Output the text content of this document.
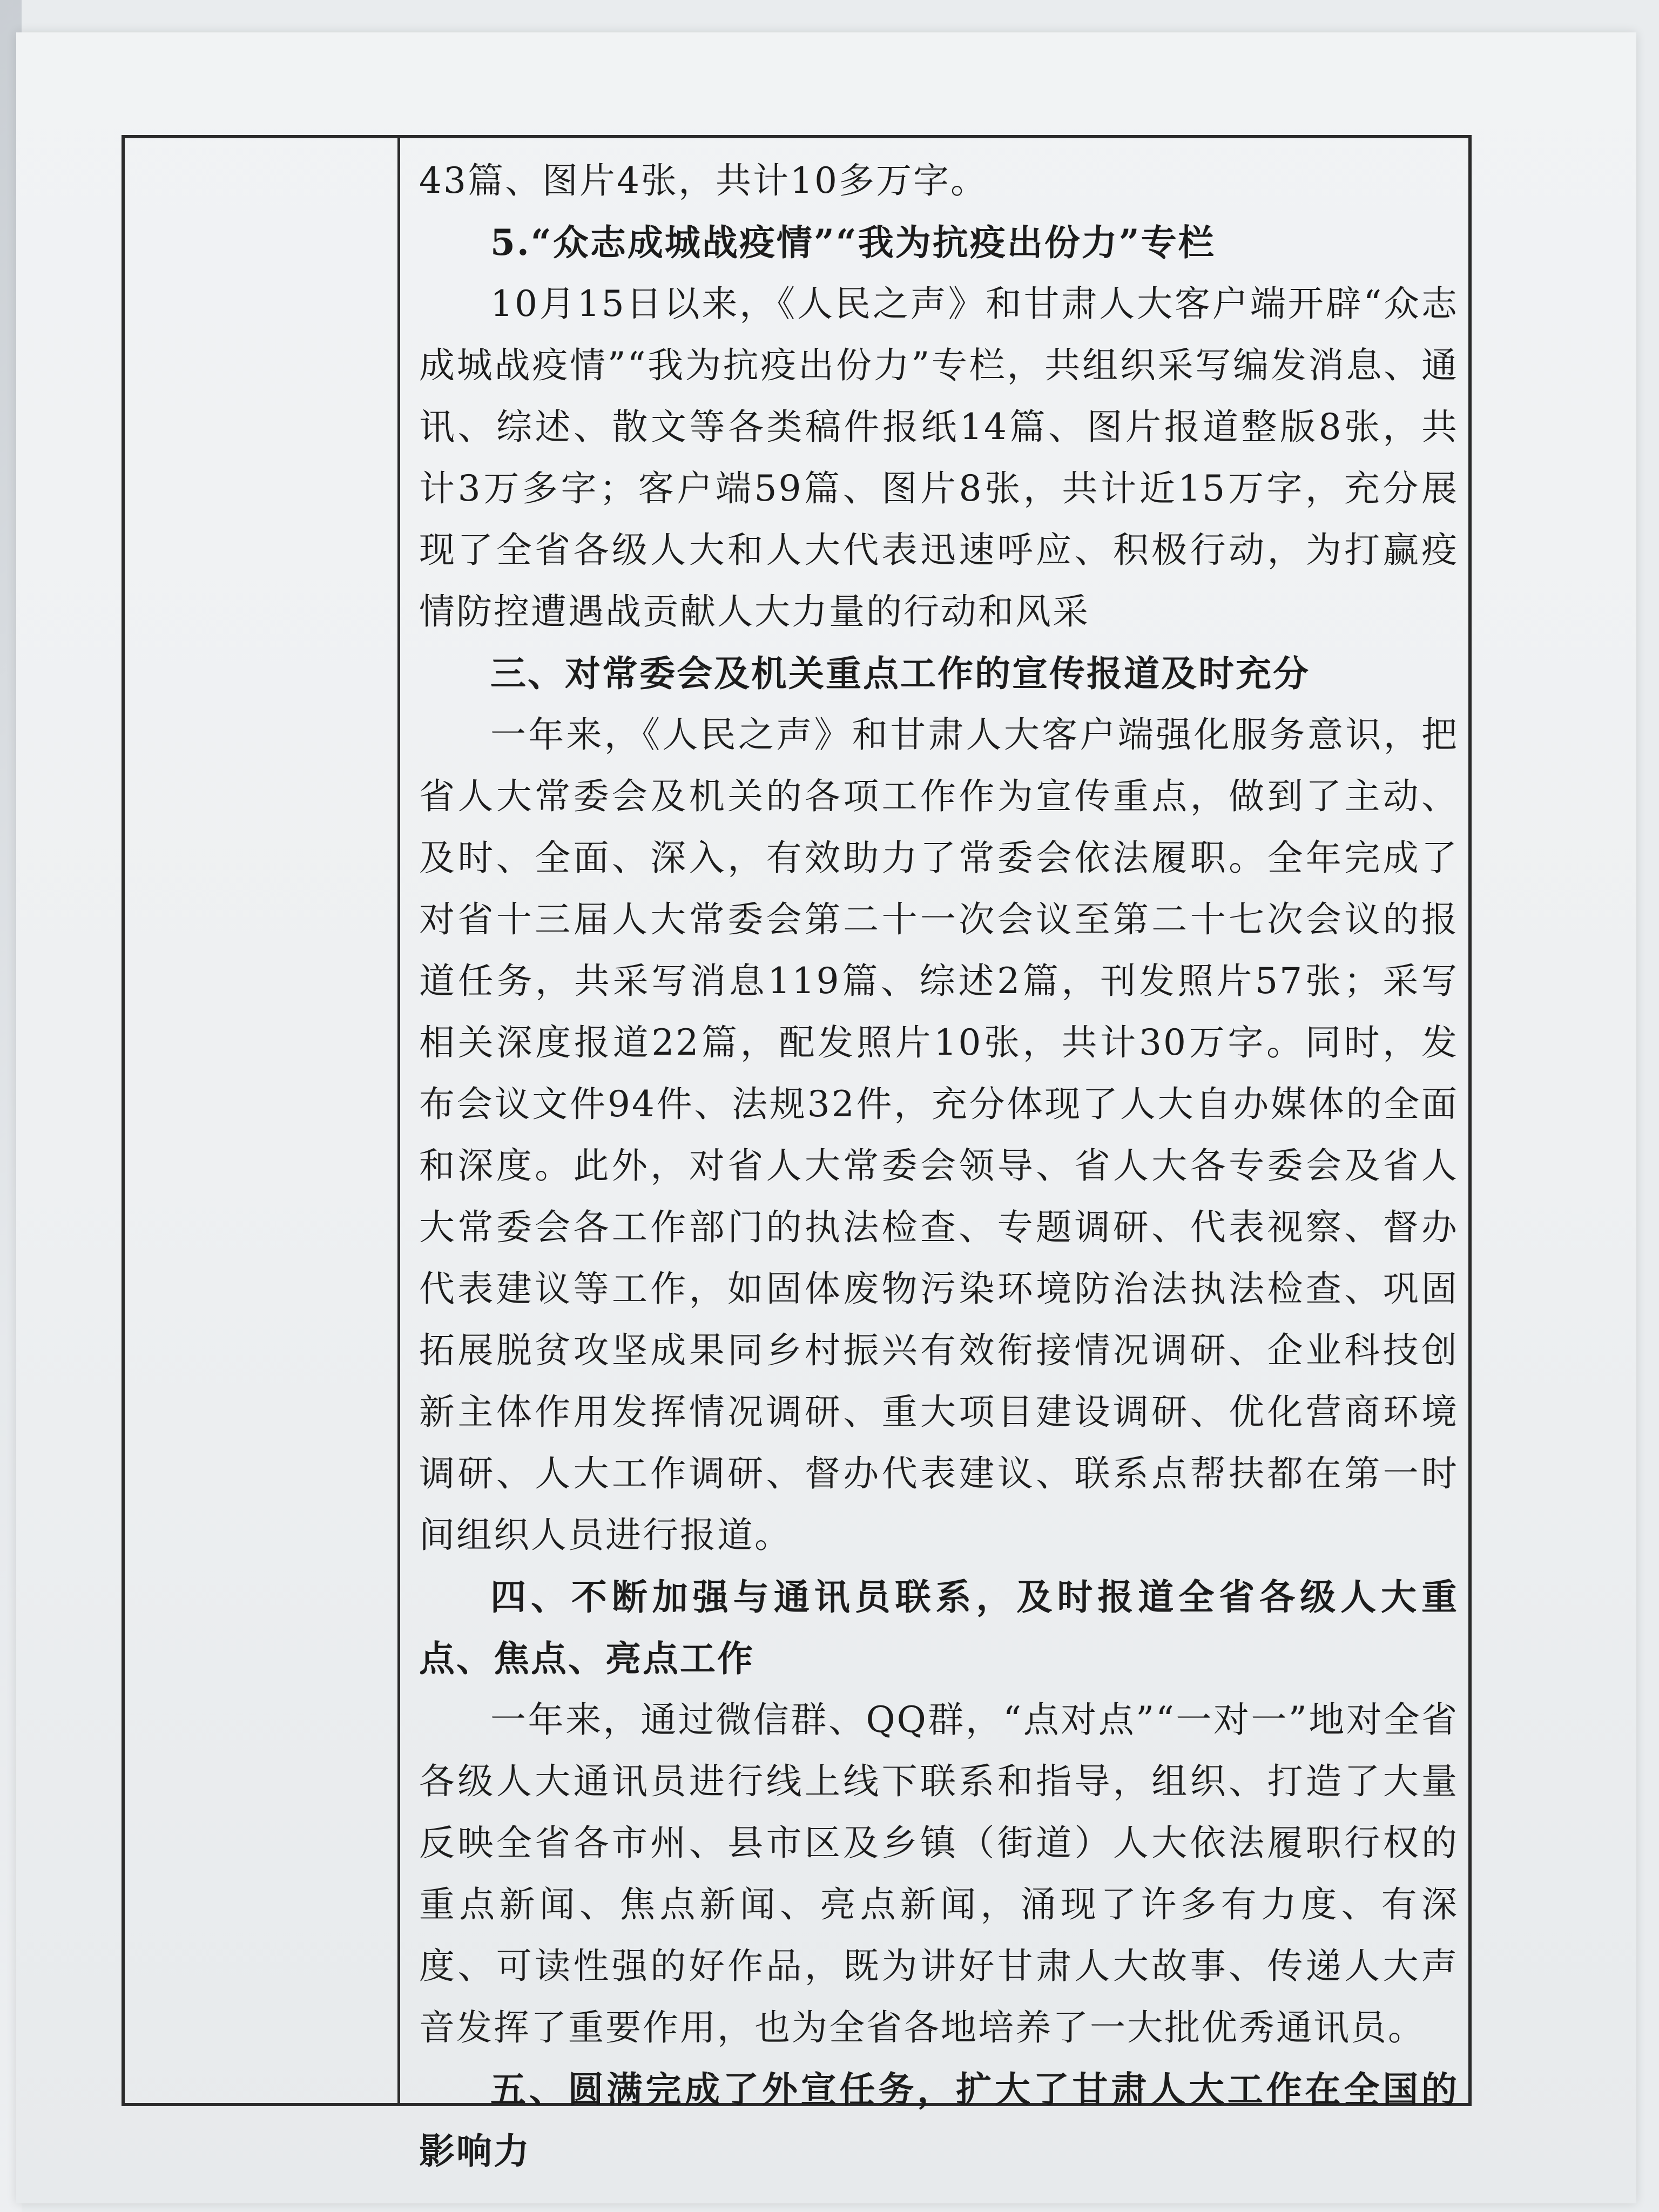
43篇、图片4张，共计10多万字。

5.“众志成城战疫情”“我为抗疫出份力”专栏

10月15日以来，《人民之声》和甘肃人大客户端开辟“众志成城战疫情”“我为抗疫出份力”专栏，共组织采写编发消息、通讯、综述、散文等各类稿件报纸14篇、图片报道整版8张，共计3万多字；客户端59篇、图片8张，共计近15万字，充分展现了全省各级人大和人大代表迅速呼应、积极行动，为打赢疫情防控遭遇战贡献人大力量的行动和风采

三、对常委会及机关重点工作的宣传报道及时充分

一年来，《人民之声》和甘肃人大客户端强化服务意识，把省人大常委会及机关的各项工作作为宣传重点，做到了主动、及时、全面、深入，有效助力了常委会依法履职。全年完成了对省十三届人大常委会第二十一次会议至第二十七次会议的报道任务，共采写消息119篇、综述2篇，刊发照片57张；采写相关深度报道22篇，配发照片10张，共计30万字。同时，发布会议文件94件、法规32件，充分体现了人大自办媒体的全面和深度。此外，对省人大常委会领导、省人大各专委会及省人大常委会各工作部门的执法检查、专题调研、代表视察、督办代表建议等工作，如固体废物污染环境防治法执法检查、巩固拓展脱贫攻坚成果同乡村振兴有效衔接情况调研、企业科技创新主体作用发挥情况调研、重大项目建设调研、优化营商环境调研、人大工作调研、督办代表建议、联系点帮扶都在第一时间组织人员进行报道。

四、不断加强与通讯员联系，及时报道全省各级人大重点、焦点、亮点工作

一年来，通过微信群、QQ群，“点对点”“一对一”地对全省各级人大通讯员进行线上线下联系和指导，组织、打造了大量反映全省各市州、县市区及乡镇（街道）人大依法履职行权的重点新闻、焦点新闻、亮点新闻，涌现了许多有力度、有深度、可读性强的好作品，既为讲好甘肃人大故事、传递人大声音发挥了重要作用，也为全省各地培养了一大批优秀通讯员。

五、圆满完成了外宣任务，扩大了甘肃人大工作在全国的影响力
